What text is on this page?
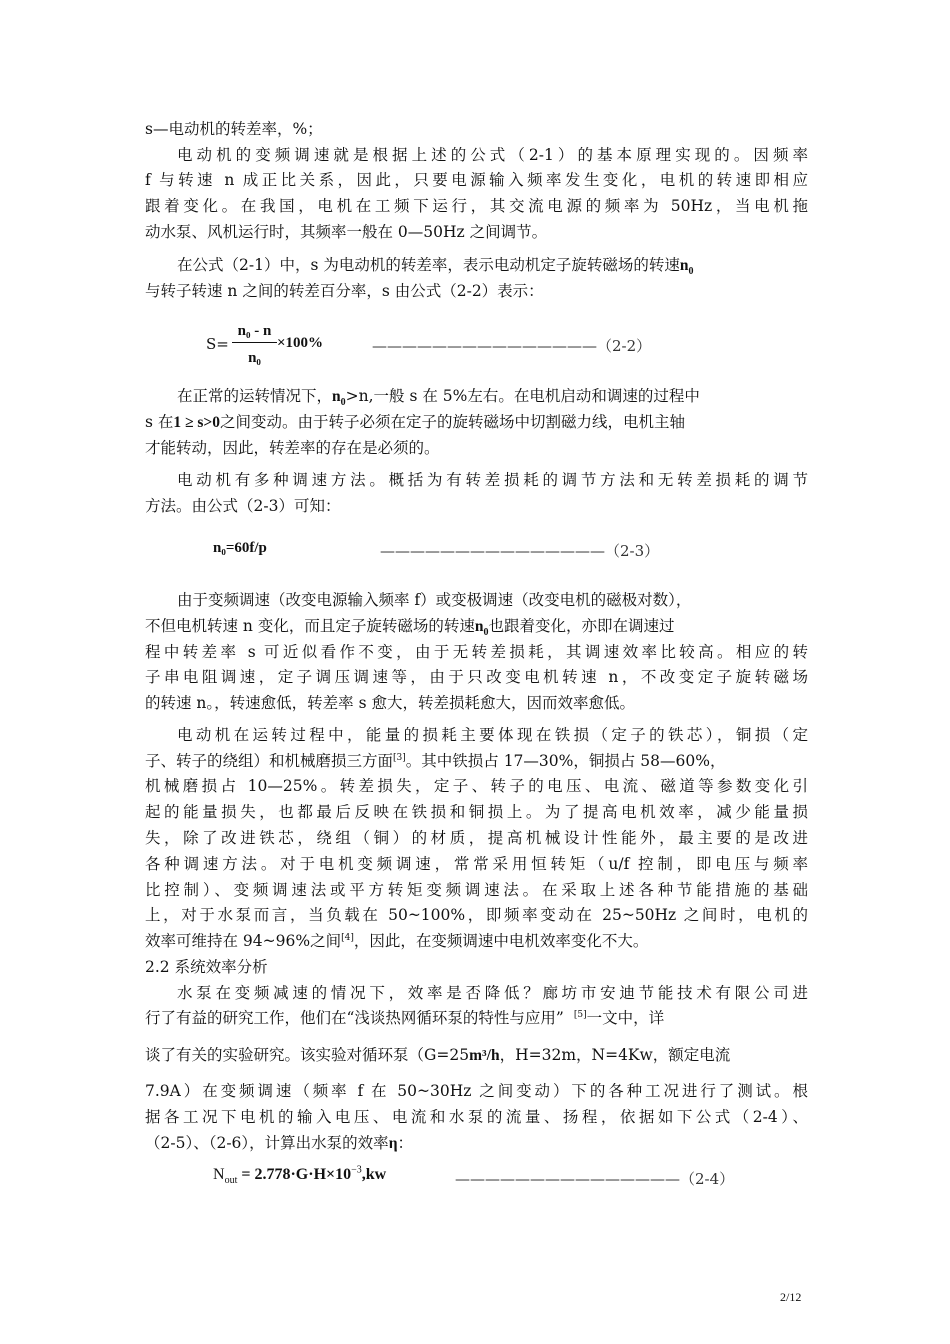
s—电动机的转差率，%；
电动机的变频调速就是根据上述的公式（2-1）的基本原理实现的。因频率
f 与转速 n 成正比关系，因此，只要电源输入频率发生变化，电机的转速即相应
跟着变化。在我国，电机在工频下运行，其交流电源的频率为 50Hz，当电机拖
动水泵、风机运行时，其频率一般在 0—50Hz 之间调节。
在公式（2-1）中，s 为电动机的转差率，表示电动机定子旋转磁场的转速$n_0$
与转子转速 n 之间的转差百分率，s 由公式（2-2）表示：
$S= \frac{\text{n₀ - n}}{\text{n₀}} \times 100\%$	———————————————（2-2）
在正常的运转情况下，$n_0>n$,一般 s 在 5%左右。在电机启动和调速的过程中
s 在1 ≥ s>0之间变动。由于转子必须在定子的旋转磁场中切割磁力线，电机主轴
才能转动，因此，转差率的存在是必须的。
电动机有多种调速方法。概括为有转差损耗的调节方法和无转差损耗的调节
方法。由公式（2-3）可知：
n₀=60f/p	———————————————（2-3）
由于变频调速（改变电源输入频率 f）或变极调速（改变电机的磁极对数），
不但电机转速 n 变化，而且定子旋转磁场的转速$n_0$也跟着变化，亦即在调速过
程中转差率 s 可近似看作不变，由于无转差损耗，其调速效率比较高。相应的转
子串电阻调速，定子调压调速等，由于只改变电机转速 n，不改变定子旋转磁场
的转速 n。，转速愈低，转差率 s 愈大，转差损耗愈大，因而效率愈低。
电动机在运转过程中，能量的损耗主要体现在铁损（定子的铁芯），铜损（定
子、转子的绕组）和机械磨损三方面[3]。其中铁损占 17—30%，铜损占 58—60%，
机械磨损占 10—25%。转差损失，定子、转子的电压、电流、磁道等参数变化引
起的能量损失，也都最后反映在铁损和铜损上。为了提高电机效率，减少能量损
失，除了改进铁芯，绕组（铜）的材质，提高机械设计性能外，最主要的是改进
各种调速方法。对于电机变频调速，常常采用恒转矩（u/f 控制，即电压与频率
比控制）、变频调速法或平方转矩变频调速法。在采取上述各种节能措施的基础
上，对于水泵而言，当负载在 50~100%，即频率变动在 25~50Hz 之间时，电机的
效率可维持在 94~96%之间[4]，因此，在变频调速中电机效率变化不大。
2.2 系统效率分析
水泵在变频减速的情况下，效率是否降低？廊坊市安迪节能技术有限公司进
行了有益的研究工作，他们在“浅谈热网循环泵的特性与应用” [5]一文中，详
谈了有关的实验研究。该实验对循环泵（G=25m³/h，H=32m，N=4Kw，额定电流
7.9A）在变频调速（频率 f 在 50~30Hz 之间变动）下的各种工况进行了测试。根
据各工况下电机的输入电压、电流和水泵的流量、扬程，依据如下公式（2-4）、
（2-5）、（2-6），计算出水泵的效率η：
$N_{out} = 2.778\cdot G\cdot H\times 10^{-3},kw$	———————————————（2-4）
2/12
